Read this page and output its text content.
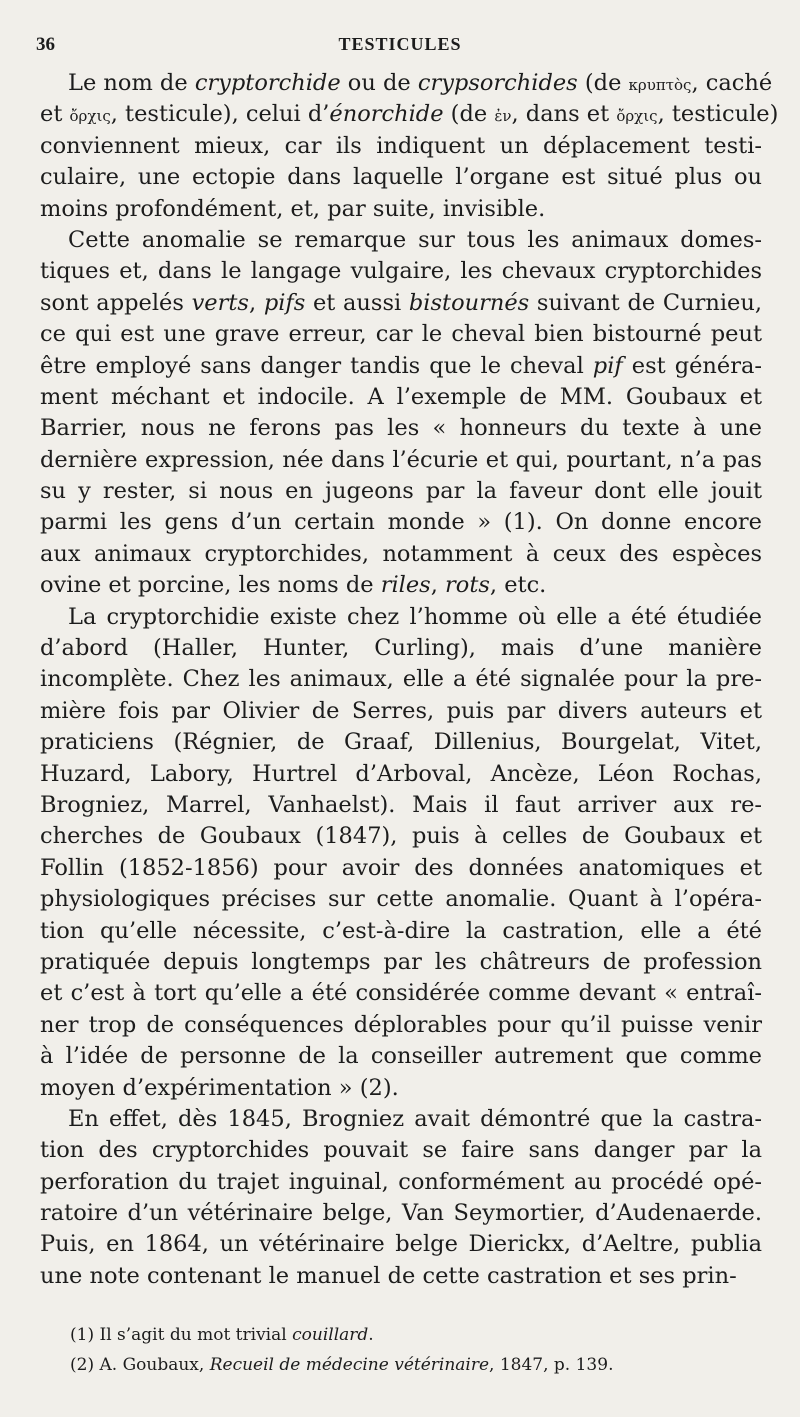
36	TESTICULES
Le nom de cryptorchide ou de crypsorchides (de κρυπτὸς, caché
et ὄρχις, testicule), celui d’énorchide (de ἐν, dans et ὄρχις, testicule)
conviennent mieux, car ils indiquent un déplacement testi-
culaire, une ectopie dans laquelle l’organe est situé plus ou
moins profondément, et, par suite, invisible.
Cette anomalie se remarque sur tous les animaux domes-
tiques et, dans le langage vulgaire, les chevaux cryptorchides
sont appelés verts, pifs et aussi bistournés suivant de Curnieu,
ce qui est une grave erreur, car le cheval bien bistourné peut
être employé sans danger tandis que le cheval pif est généra-
ment méchant et indocile. A l’exemple de MM. Goubaux et
Barrier, nous ne ferons pas les « honneurs du texte à une
dernière expression, née dans l’écurie et qui, pourtant, n’a pas
su y rester, si nous en jugeons par la faveur dont elle jouit
parmi les gens d’un certain monde » (1). On donne encore
aux animaux cryptorchides, notamment à ceux des espèces
ovine et porcine, les noms de riles, rots, etc.
La cryptorchidie existe chez l’homme où elle a été étudiée
d’abord (Haller, Hunter, Curling), mais d’une manière
incomplète. Chez les animaux, elle a été signalée pour la pre-
mière fois par Olivier de Serres, puis par divers auteurs et
praticiens (Régnier, de Graaf, Dillenius, Bourgelat, Vitet,
Huzard, Labory, Hurtrel d’Arboval, Ancèze, Léon Rochas,
Brogniez, Marrel, Vanhaelst). Mais il faut arriver aux re-
cherches de Goubaux (1847), puis à celles de Goubaux et
Follin (1852-1856) pour avoir des données anatomiques et
physiologiques précises sur cette anomalie. Quant à l’opéra-
tion qu’elle nécessite, c’est-à-dire la castration, elle a été
pratiquée depuis longtemps par les châtreurs de profession
et c’est à tort qu’elle a été considérée comme devant « entraî-
ner trop de conséquences déplorables pour qu’il puisse venir
à l’idée de personne de la conseiller autrement que comme
moyen d’expérimentation » (2).
En effet, dès 1845, Brogniez avait démontré que la castra-
tion des cryptorchides pouvait se faire sans danger par la
perforation du trajet inguinal, conformément au procédé opé-
ratoire d’un vétérinaire belge, Van Seymortier, d’Audenaerde.
Puis, en 1864, un vétérinaire belge Dierickx, d’Aeltre, publia
une note contenant le manuel de cette castration et ses prin-
(1) Il s’agit du mot trivial couillard.
(2) A. Goubaux, Recueil de médecine vétérinaire, 1847, p. 139.
